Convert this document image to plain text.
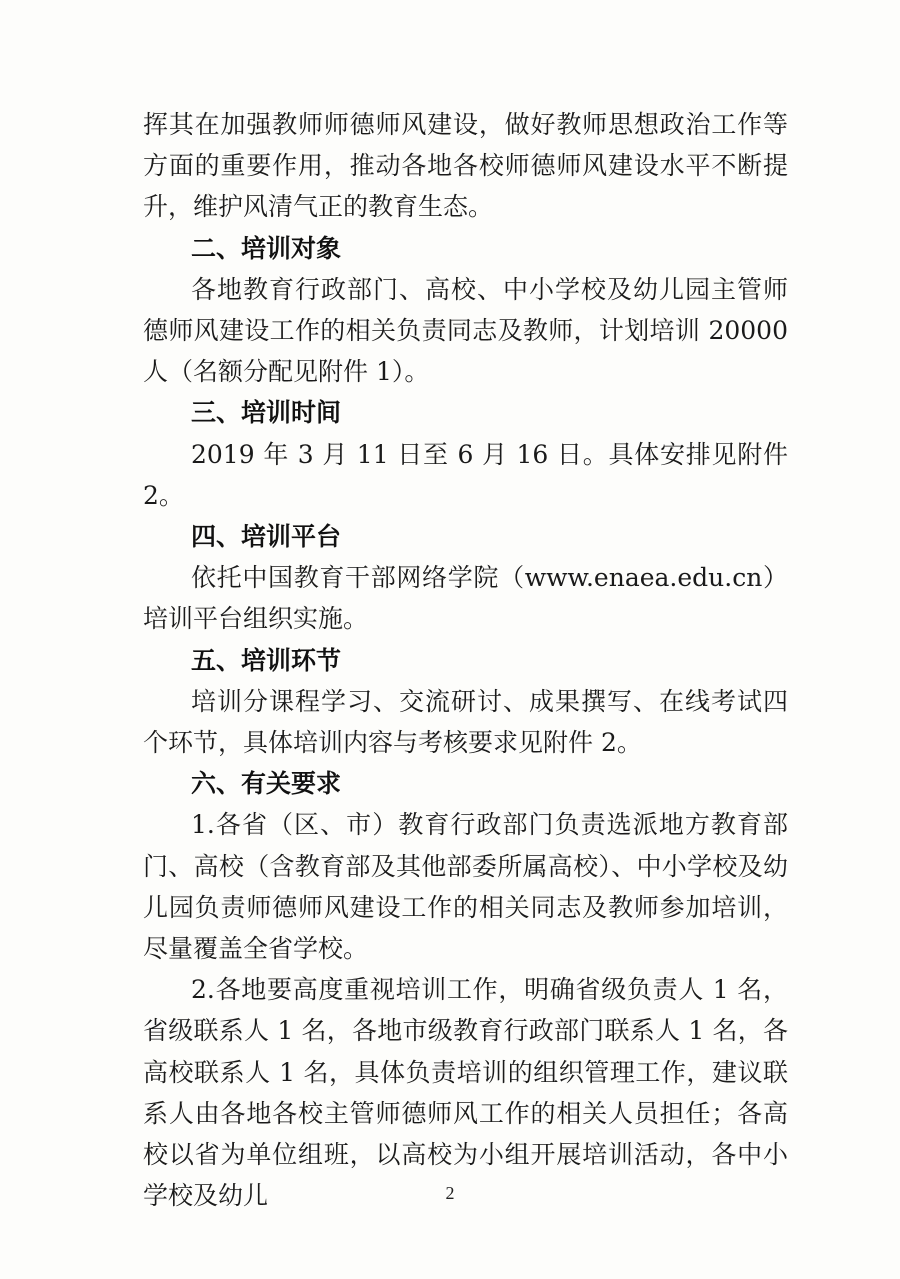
挥其在加强教师师德师风建设，做好教师思想政治工作等方面的重要作用，推动各地各校师德师风建设水平不断提升，维护风清气正的教育生态。

二、培训对象

各地教育行政部门、高校、中小学校及幼儿园主管师德师风建设工作的相关负责同志及教师，计划培训 20000 人（名额分配见附件 1）。

三、培训时间

2019 年 3 月 11 日至 6 月 16 日。具体安排见附件 2。

四、培训平台

依托中国教育干部网络学院（www.enaea.edu.cn）培训平台组织实施。

五、培训环节

培训分课程学习、交流研讨、成果撰写、在线考试四个环节，具体培训内容与考核要求见附件 2。

六、有关要求

1.各省（区、市）教育行政部门负责选派地方教育部门、高校（含教育部及其他部委所属高校）、中小学校及幼儿园负责师德师风建设工作的相关同志及教师参加培训，尽量覆盖全省学校。

2.各地要高度重视培训工作，明确省级负责人 1 名，省级联系人 1 名，各地市级教育行政部门联系人 1 名，各高校联系人 1 名，具体负责培训的组织管理工作，建议联系人由各地各校主管师德师风工作的相关人员担任；各高校以省为单位组班，以高校为小组开展培训活动，各中小学校及幼儿	2
